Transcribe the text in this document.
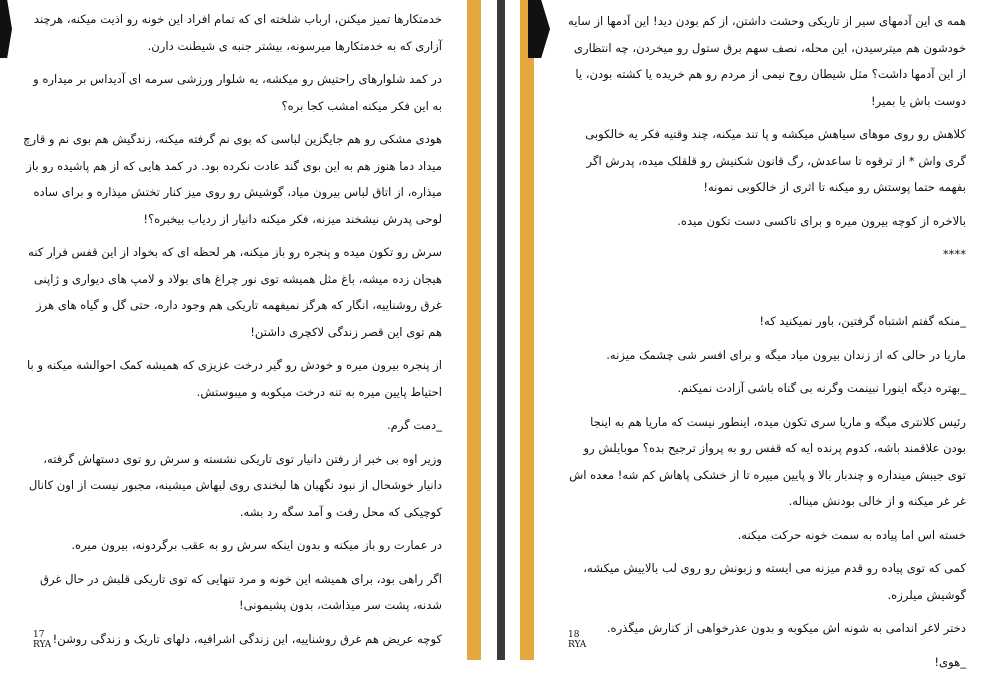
خدمتکارها تمیز میکنن، ارباب شلخته ای که تمام افراد این خونه رو اذیت میکنه، هرچند آزاری که به خدمتکارها میرسونه، بیشتر جنبه ی شیطنت دارن.

در کمد شلوارهای راحتیش رو میکشه، یه شلوار ورزشی سرمه ای آدیداس بر میداره و به این فکر میکنه امشب کجا بره؟

هودی مشکی رو هم جایگزین لباسی که بوی نم گرفته میکنه، زندگیش هم بوی نم و قارچ میداد دما هنوز هم به این بوی گند عادت نکرده بود. در کمد هایی که از هم پاشیده رو باز میذاره، از اتاق لباس بیرون میاد، گوشیش رو روی میز کنار تختش میذاره و برای ساده لوحی پدرش نیشخند میزنه، فکر میکنه دانیار از ردیاب بیخبره؟!

سرش رو تکون میده و پنجره رو باز میکنه، هر لحظه ای که بخواد از این قفس فرار کنه هیجان زده میشه، باغ مثل همیشه توی نور چراغ های بولاد و لامپ های دیواری و ژاپنی غرق روشناییه، انگار که هرگز نمیفهمه تاریکی هم وجود داره، حتی گل و گیاه های هرز هم توی این قصر زندگی لاکچری داشتن!

از پنجره بیرون میره و خودش رو گیر درخت عزیزی که همیشه کمک احوالشه میکنه و با احتیاط پایین میره به تنه درخت میکوبه و میبوستش.

_دمت گرم.

وزیر اوه بی خبر از رفتن دانیار توی تاریکی نشسته و سرش رو توی دستهاش گرفته، دانیار خوشحال از نبود نگهبان ها لبخندی روی لبهاش میشینه، مجبور نیست از اون کانال کوچیکی که محل رفت و آمد سگه رد بشه.

در عمارت رو باز میکنه و بدون اینکه سرش رو به عقب برگردونه، بیرون میره.

اگر راهی بود، برای همیشه این خونه و مرد تنهایی که توی تاریکی قلبش در حال غرق شدنه، پشت سر میذاشت، بدون پشیمونی!

کوچه عریض هم غرق روشناییه، این زندگی اشرافیه، دلهای تاریک و زندگی روشن!

همه ی این آدمهای سیر از تاریکی وحشت داشتن، از کم بودن دید! این آدمها از سایه خودشون هم میترسیدن، این محله، نصف سهم برق ستول رو میخردن، چه انتظاری از این آدمها داشت؟ مثل شیطان روح نیمی از مردم رو هم خریده یا کشته بودن، یا دوست باش یا بمیر!

کلاهش رو روی موهای سیاهش میکشه و پا تند میکنه، چند وقتیه فکر یه خالکوبی گری واش * از ترقوه تا ساعدش، رگ قانون شکنیش رو قلقلک میده، پدرش اگر بفهمه حتما پوستش رو میکنه تا اثری از خالکوبی نمونه!

بالاخره از کوچه بیرون میره و برای تاکسی دست تکون میده.

****

_منکه گفتم اشتباه گرفتین، باور نمیکنید که!

ماریا در حالی که از زندان بیرون میاد میگه و برای افسر شی چشمک میزنه.

_بهتره دیگه اینورا نبینمت وگرنه بی گناه باشی آزادت نمیکنم.

رئیس کلانتری میگه و ماریا سری تکون میده، اینطور نیست که ماریا هم به اینجا بودن علاقمند باشه، کدوم پرنده ایه که قفس رو به پرواز ترجیح بده؟ موبایلش رو توی جیبش مینداره و چندبار بالا و پایین میپره تا از خشکی پاهاش کم شه! معده اش غر غر میکنه و از خالی بودنش میناله.

خسته اس اما پیاده به سمت خونه حرکت میکنه.

کمی که توی پیاده رو قدم میزنه می ایسته و زبونش رو روی لب بالاییش میکشه، گوشیش میلرزه.

دختر لاغر اندامی به شونه اش میکوبه و بدون عذرخواهی از کنارش میگذره.

_هوی!

17
RYA
18
RYA
